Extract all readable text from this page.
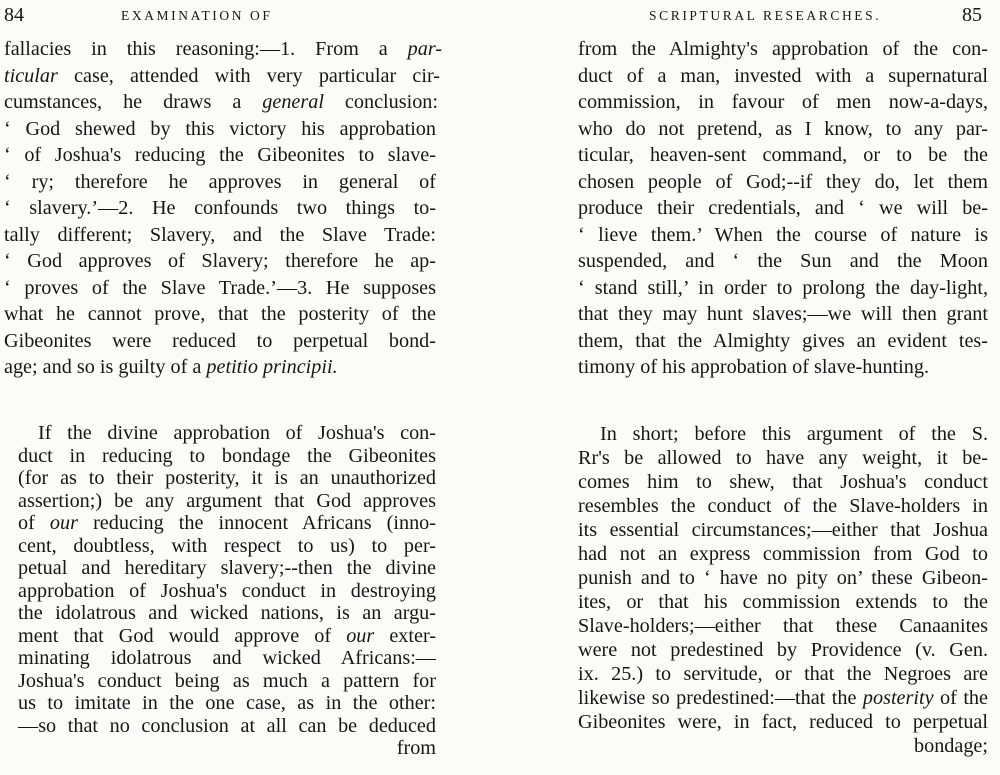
84	EXAMINATION OF
fallacies in this reasoning:—1. From a par-
ticular case, attended with very particular cir-
cumstances, he draws a general conclusion:
‘ God shewed by this victory his approbation
‘ of Joshua's reducing the Gibeonites to slave-
‘ ry; therefore he approves in general of
‘ slavery.’—2. He confounds two things to-
tally different; Slavery, and the Slave Trade:
‘ God approves of Slavery; therefore he ap-
‘ proves of the Slave Trade.’—3. He supposes
what he cannot prove, that the posterity of the
Gibeonites were reduced to perpetual bond-
age; and so is guilty of a petitio principii.
If the divine approbation of Joshua's con-
duct in reducing to bondage the Gibeonites
(for as to their posterity, it is an unauthorized
assertion;) be any argument that God approves
of our reducing the innocent Africans (inno-
cent, doubtless, with respect to us) to per-
petual and hereditary slavery;--then the divine
approbation of Joshua's conduct in destroying
the idolatrous and wicked nations, is an argu-
ment that God would approve of our exter-
minating idolatrous and wicked Africans:—
Joshua's conduct being as much a pattern for
us to imitate in the one case, as in the other:
—so that no conclusion at all can be deduced
from
SCRIPTURAL RESEARCHES.	85
from the Almighty's approbation of the con-
duct of a man, invested with a supernatural
commission, in favour of men now-a-days,
who do not pretend, as I know, to any par-
ticular, heaven-sent command, or to be the
chosen people of God;--if they do, let them
produce their credentials, and ‘ we will be-
‘ lieve them.’ When the course of nature is
suspended, and ‘ the Sun and the Moon
‘ stand still,’ in order to prolong the day-light,
that they may hunt slaves;—we will then grant
them, that the Almighty gives an evident tes-
timony of his approbation of slave-hunting.
In short; before this argument of the S.
Rr's be allowed to have any weight, it be-
comes him to shew, that Joshua's conduct
resembles the conduct of the Slave-holders in
its essential circumstances;—either that Joshua
had not an express commission from God to
punish and to ‘ have no pity on’ these Gibeon-
ites, or that his commission extends to the
Slave-holders;—either that these Canaanites
were not predestined by Providence (v. Gen.
ix. 25.) to servitude, or that the Negroes are
likewise so predestined:—that the posterity of the
Gibeonites were, in fact, reduced to perpetual
bondage;
